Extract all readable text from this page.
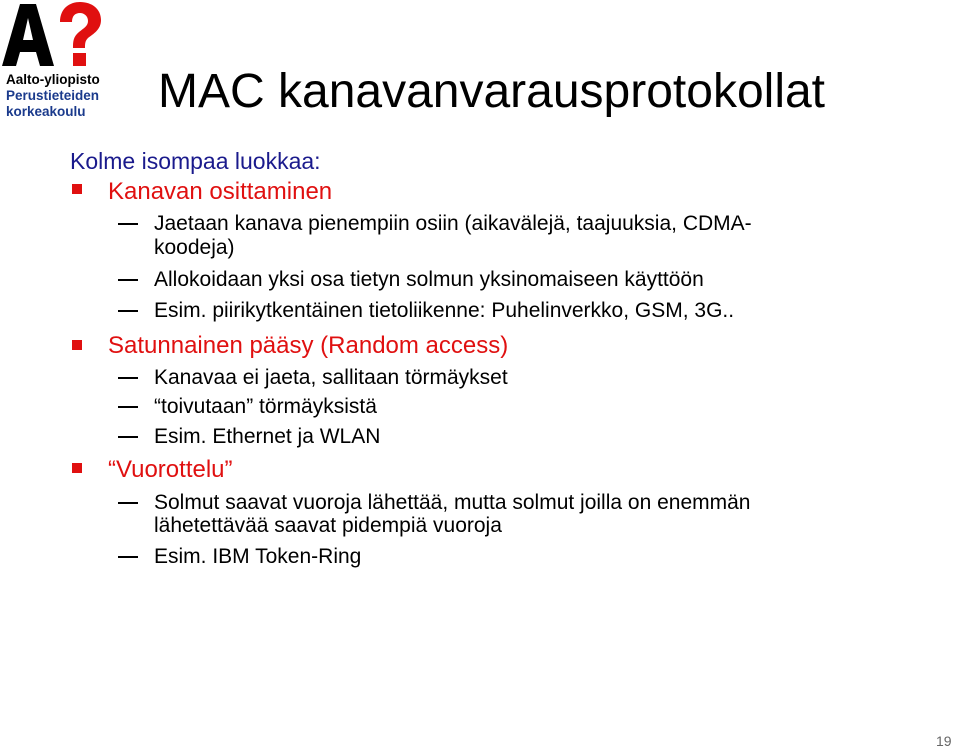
Aalto-yliopisto
Perustieteiden
korkeakoulu MAC kanavanvarausprotokollat
Kolme isompaa luokkaa:
Kanavan osittaminen
Jaetaan kanava pienempiin osiin (aikavälejä, taajuuksia, CDMA-
koodeja)
Allokoidaan yksi osa tietyn solmun yksinomaiseen käyttöön
Esim. piirikytkentäinen tietoliikenne: Puhelinverkko, GSM, 3G..
Satunnainen pääsy (Random access)
Kanavaa ei jaeta, sallitaan törmäykset
“toivutaan” törmäyksistä
Esim. Ethernet ja WLAN
“Vuorottelu”
Solmut saavat vuoroja lähettää, mutta solmut joilla on enemmän
lähetettävää saavat pidempiä vuoroja
Esim. IBM Token-Ring
19
